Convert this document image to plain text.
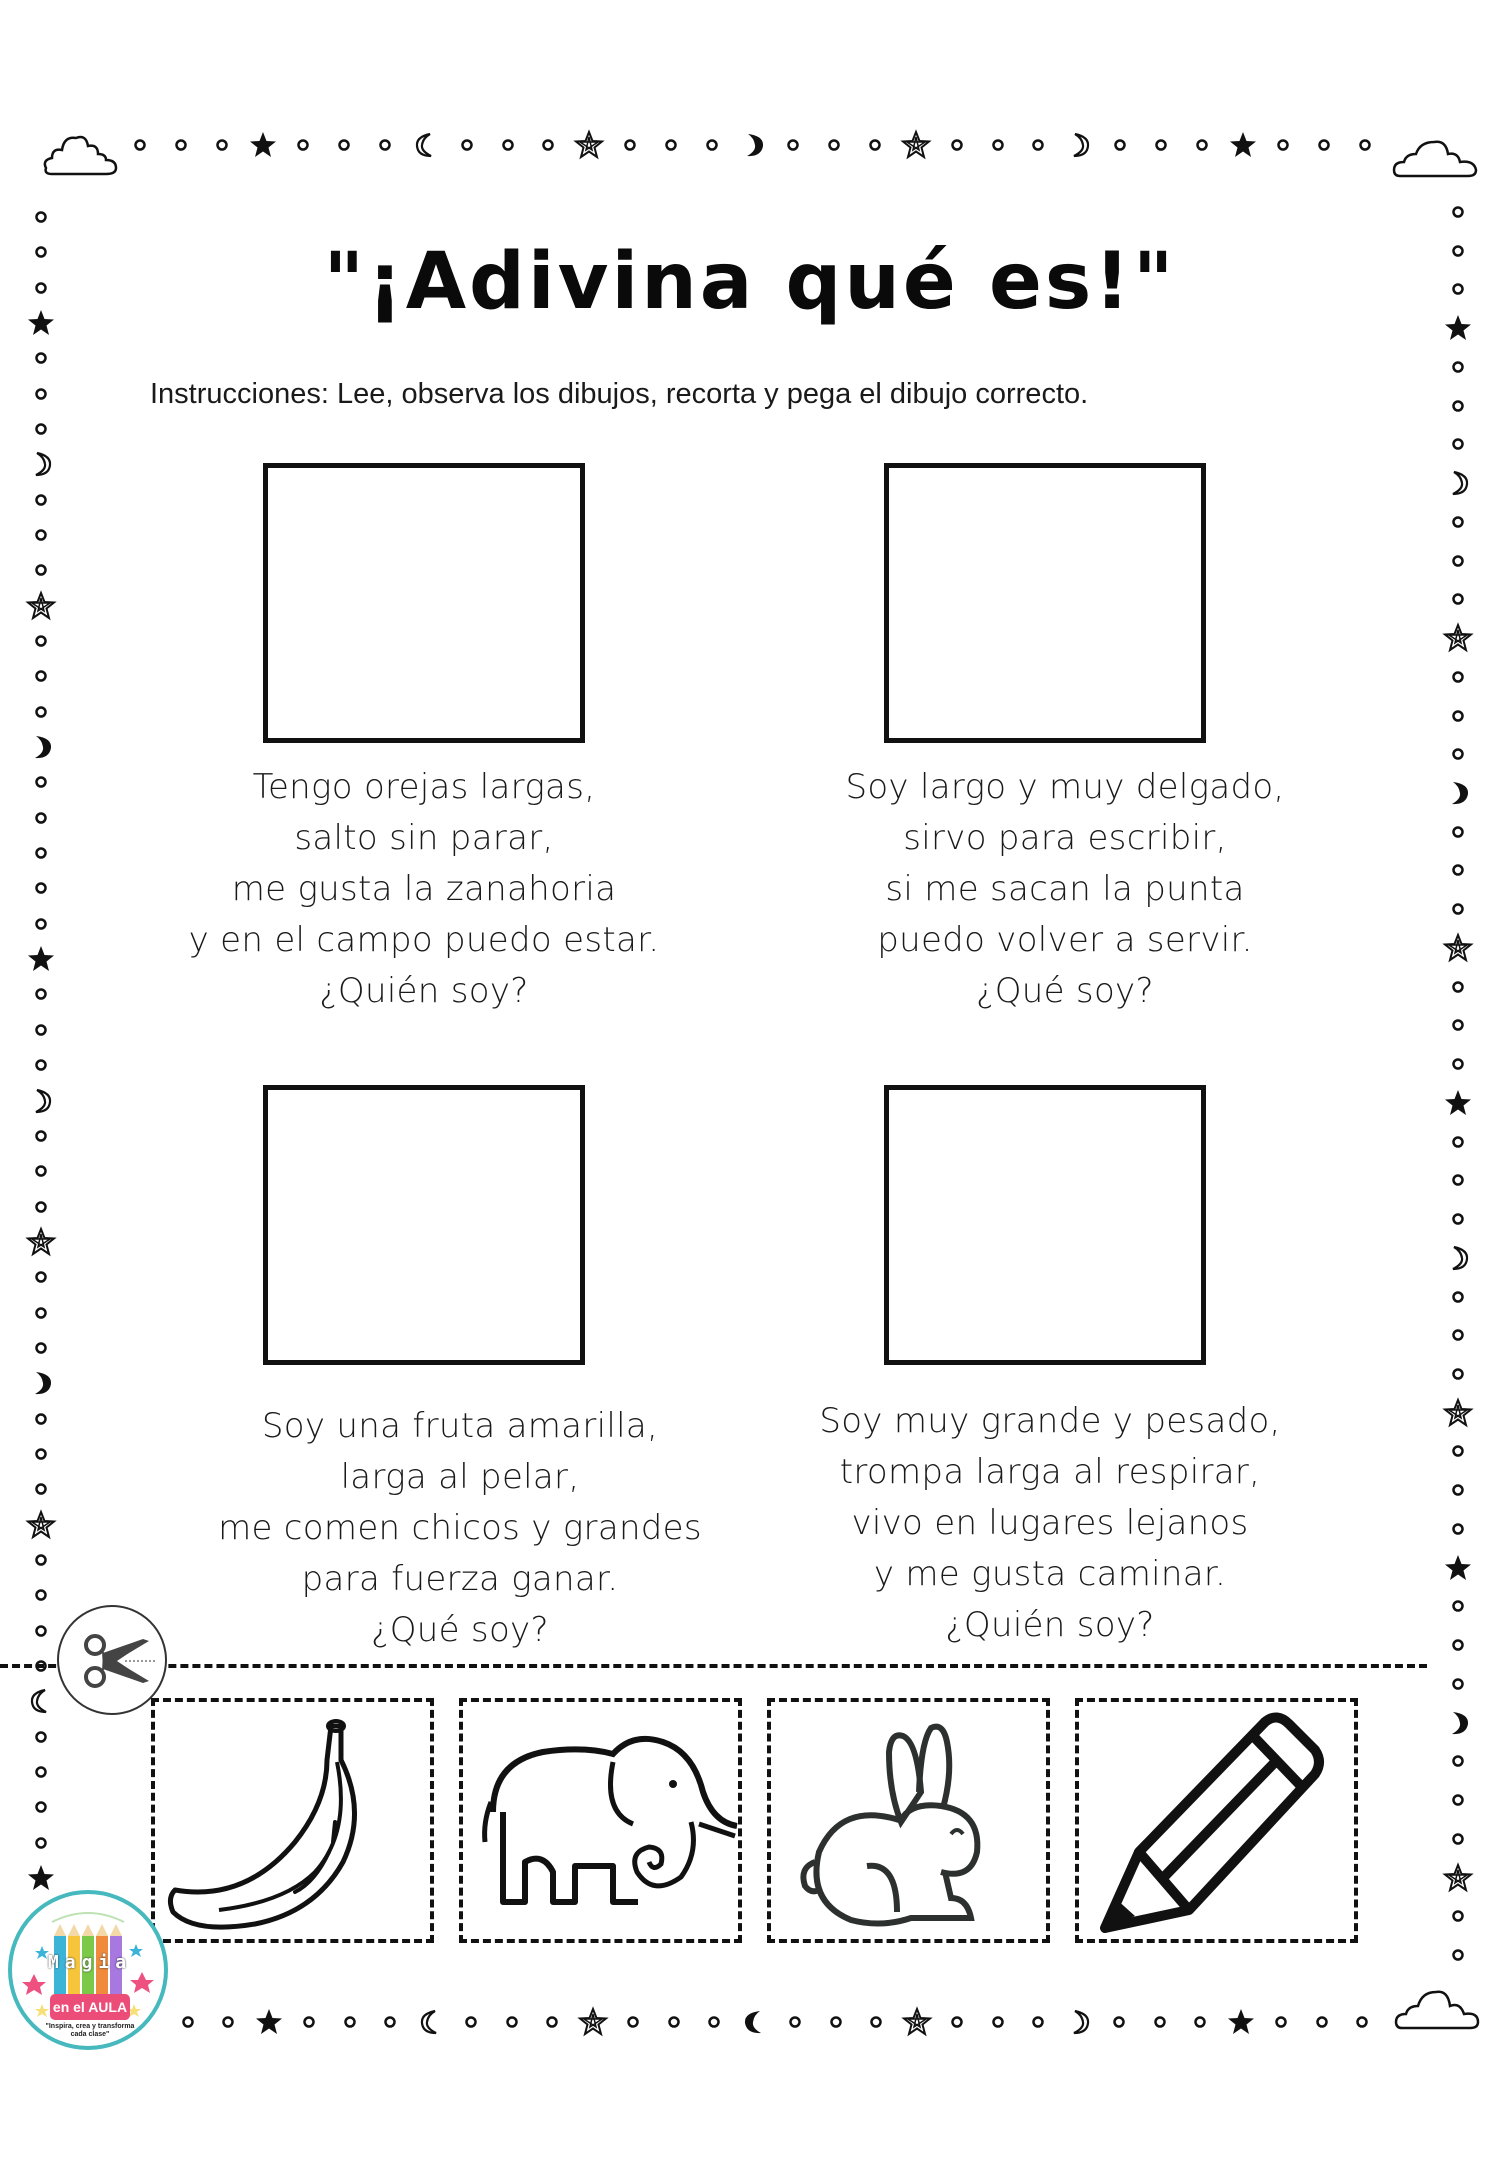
"¡Adivina qué es!"
Instrucciones: Lee, observa los dibujos, recorta y pega el dibujo correcto.
Tengo orejas largas,
salto sin parar,
me gusta la zanahoria
y en el campo puedo estar.
¿Quién soy?
Soy largo y muy delgado,
sirvo para escribir,
si me sacan la punta
puedo volver a servir.
¿Qué soy?
Soy una fruta amarilla,
larga al pelar,
me comen chicos y grandes
para fuerza ganar.
¿Qué soy?
Soy muy grande y pesado,
trompa larga al respirar,
vivo en lugares lejanos
y me gusta caminar.
¿Quién soy?
Magia
en el AULA
"Inspira, crea y transforma cada clase"
